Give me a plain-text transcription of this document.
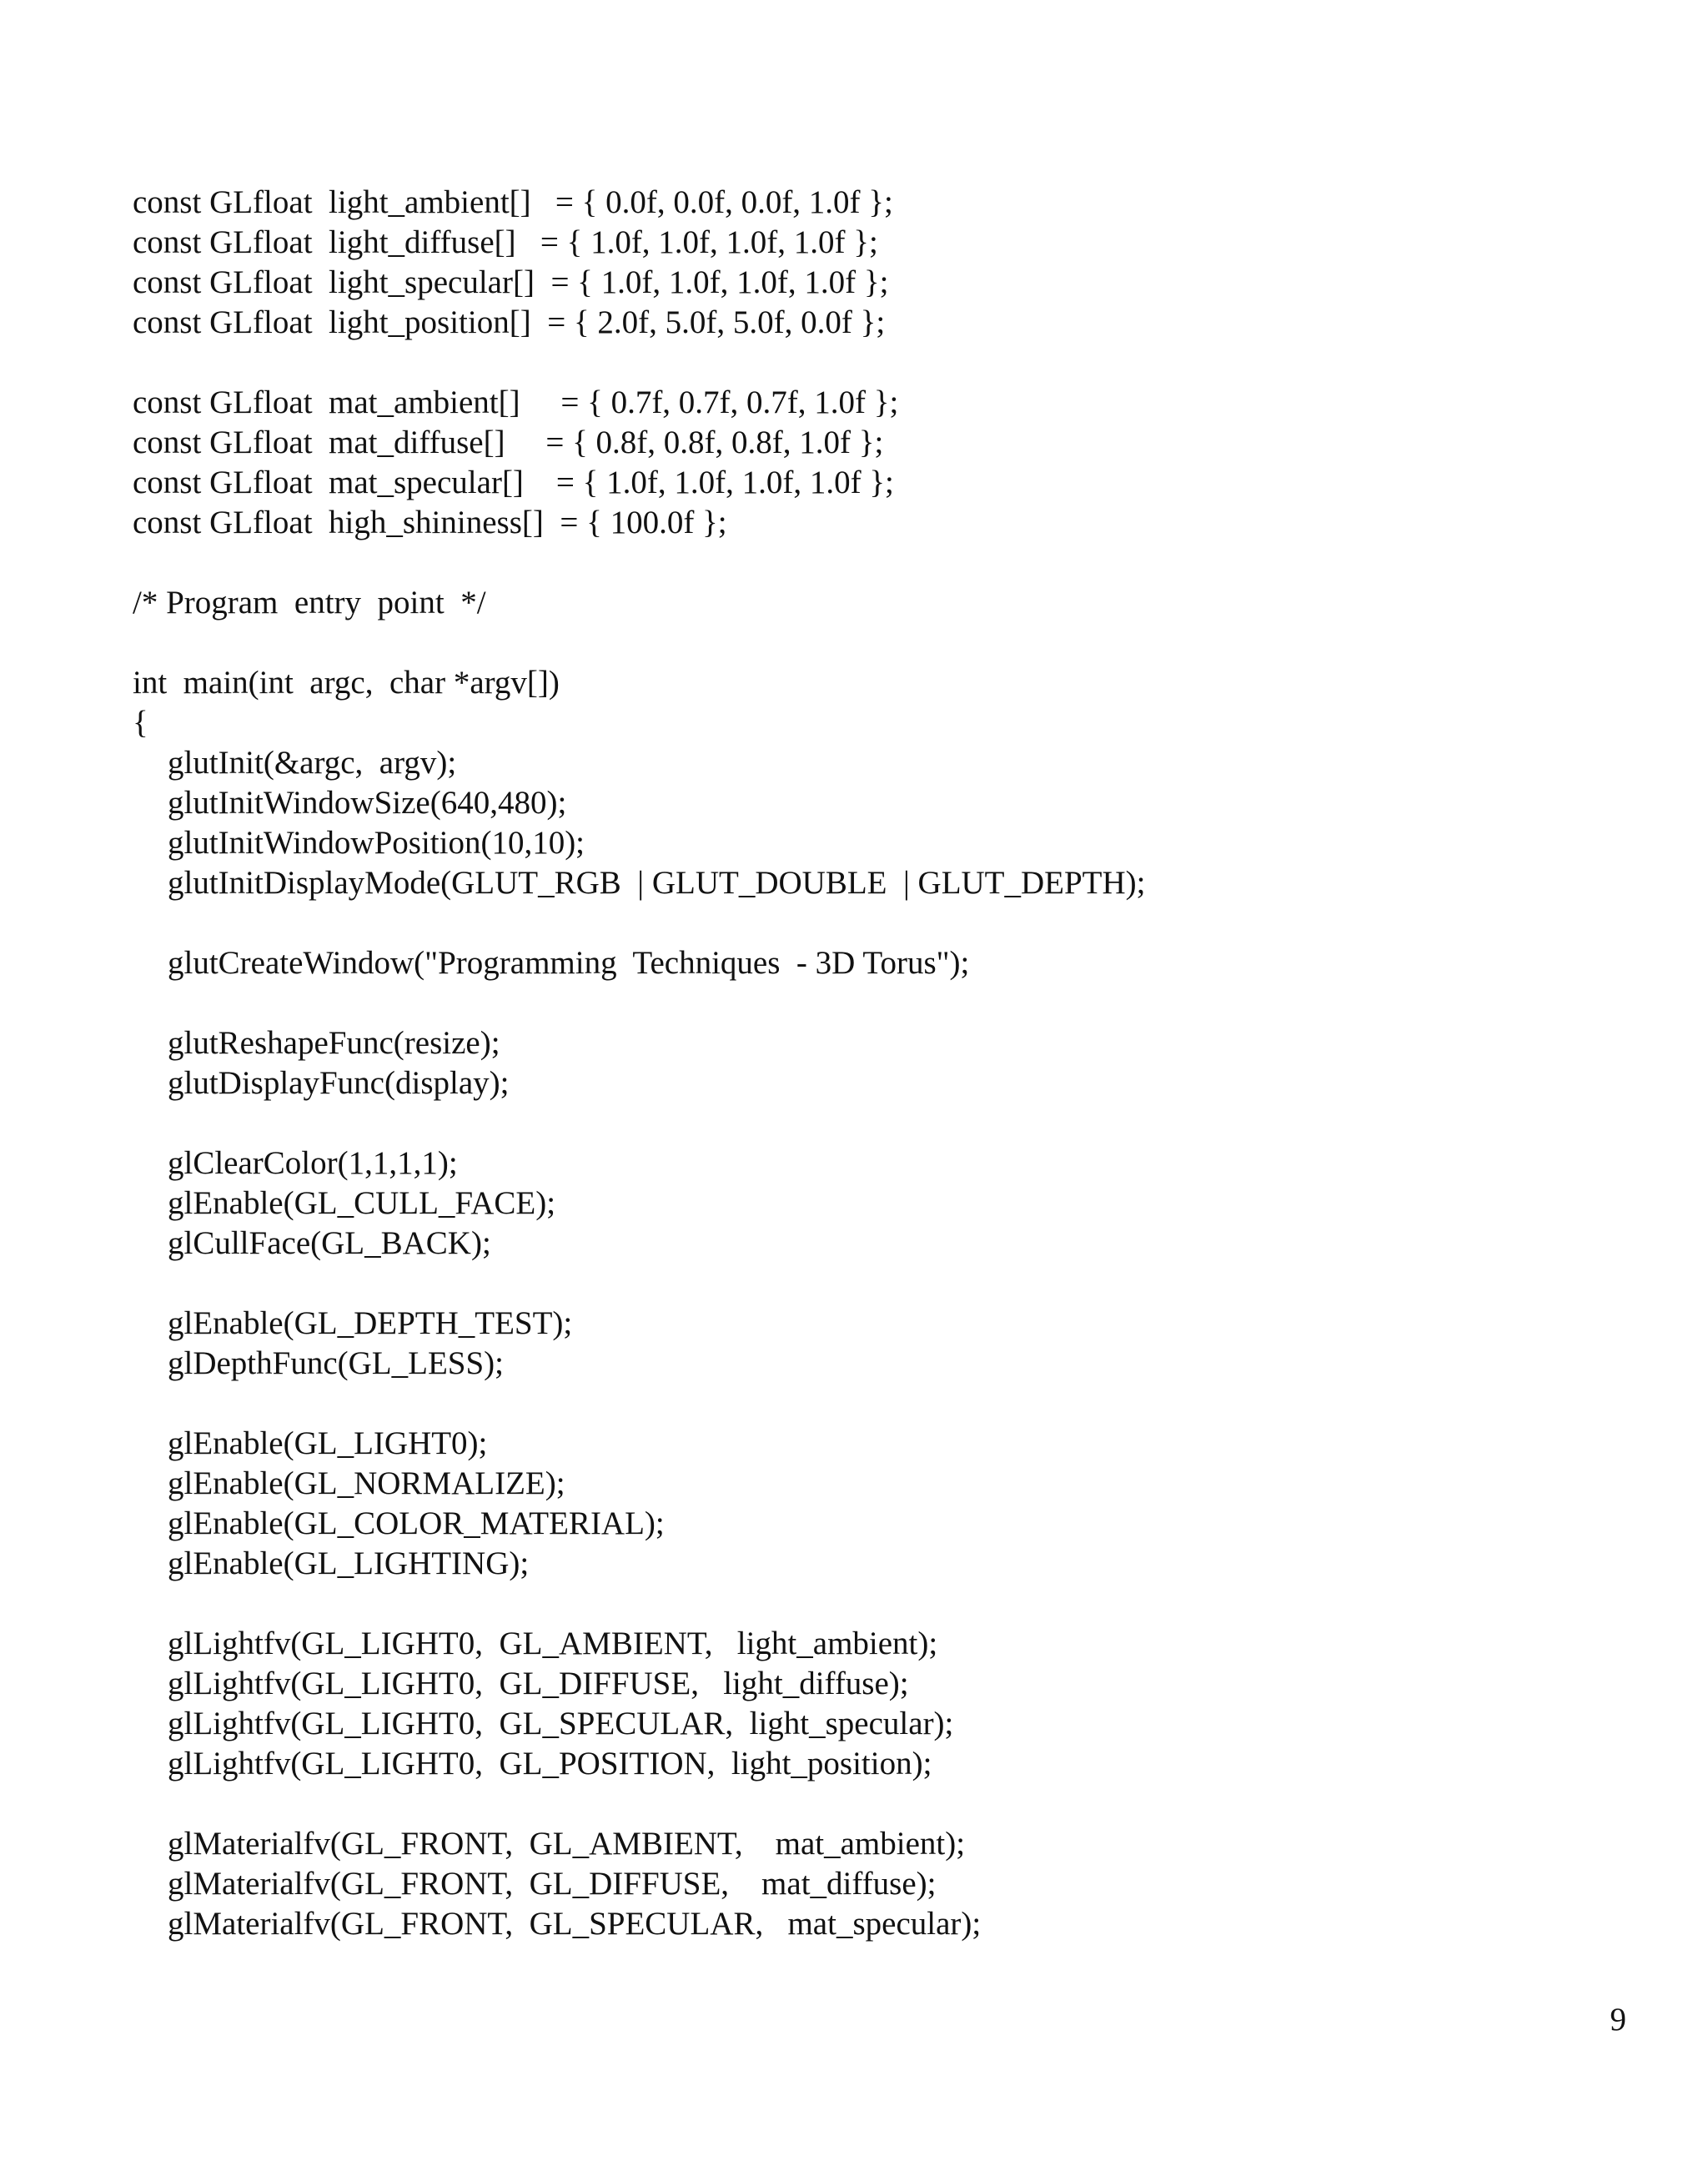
const GLfloat  light_ambient[]   = { 0.0f, 0.0f, 0.0f, 1.0f };
const GLfloat  light_diffuse[]   = { 1.0f, 1.0f, 1.0f, 1.0f };
const GLfloat  light_specular[]  = { 1.0f, 1.0f, 1.0f, 1.0f };
const GLfloat  light_position[]  = { 2.0f, 5.0f, 5.0f, 0.0f };
const GLfloat  mat_ambient[]     = { 0.7f, 0.7f, 0.7f, 1.0f };
const GLfloat  mat_diffuse[]     = { 0.8f, 0.8f, 0.8f, 1.0f };
const GLfloat  mat_specular[]    = { 1.0f, 1.0f, 1.0f, 1.0f };
const GLfloat  high_shininess[]  = { 100.0f };
/* Program  entry  point  */
int  main(int  argc,  char *argv[])
{
glutInit(&argc,  argv);
glutInitWindowSize(640,480);
glutInitWindowPosition(10,10);
glutInitDisplayMode(GLUT_RGB  | GLUT_DOUBLE  | GLUT_DEPTH);
glutCreateWindow("Programming  Techniques  - 3D Torus");
glutReshapeFunc(resize);
glutDisplayFunc(display);
glClearColor(1,1,1,1);
glEnable(GL_CULL_FACE);
glCullFace(GL_BACK);
glEnable(GL_DEPTH_TEST);
glDepthFunc(GL_LESS);
glEnable(GL_LIGHT0);
glEnable(GL_NORMALIZE);
glEnable(GL_COLOR_MATERIAL);
glEnable(GL_LIGHTING);
glLightfv(GL_LIGHT0,  GL_AMBIENT,   light_ambient);
glLightfv(GL_LIGHT0,  GL_DIFFUSE,   light_diffuse);
glLightfv(GL_LIGHT0,  GL_SPECULAR,  light_specular);
glLightfv(GL_LIGHT0,  GL_POSITION,  light_position);
glMaterialfv(GL_FRONT,  GL_AMBIENT,    mat_ambient);
glMaterialfv(GL_FRONT,  GL_DIFFUSE,    mat_diffuse);
glMaterialfv(GL_FRONT,  GL_SPECULAR,   mat_specular);
9
